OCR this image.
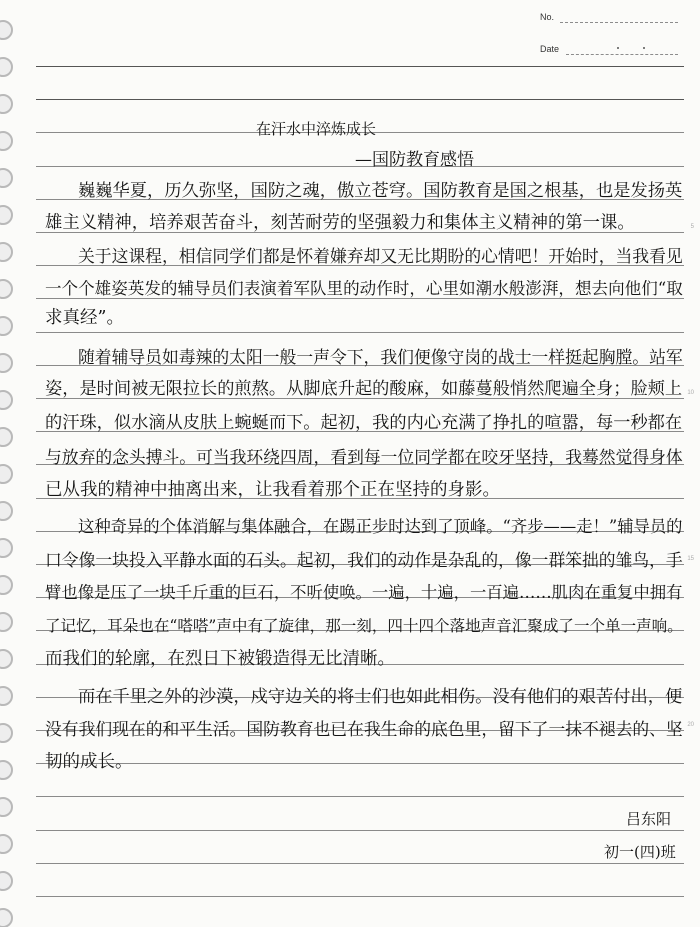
No.
Date
5
10
15
20
在汗水中淬炼成长
—国防教育感悟
巍巍华夏，历久弥坚，国防之魂，傲立苍穹。国防教育是国之根基，也是发扬英
雄主义精神，培养艰苦奋斗，刻苦耐劳的坚强毅力和集体主义精神的第一课。
关于这课程，相信同学们都是怀着嫌弃却又无比期盼的心情吧！开始时，当我看见
一个个雄姿英发的辅导员们表演着军队里的动作时，心里如潮水般澎湃，想去向他们“取
求真经”。
随着辅导员如毒辣的太阳一般一声令下，我们便像守岗的战士一样挺起胸膛。站军
姿，是时间被无限拉长的煎熬。从脚底升起的酸麻，如藤蔓般悄然爬遍全身；脸颊上
的汗珠，似水滴从皮肤上蜿蜒而下。起初，我的内心充满了挣扎的喧嚣，每一秒都在
与放弃的念头搏斗。可当我环绕四周，看到每一位同学都在咬牙坚持，我蓦然觉得身体
已从我的精神中抽离出来，让我看着那个正在坚持的身影。
这种奇异的个体消解与集体融合，在踢正步时达到了顶峰。“齐步——走！”辅导员的
口令像一块投入平静水面的石头。起初，我们的动作是杂乱的，像一群笨拙的雏鸟，手
臂也像是压了一块千斤重的巨石，不听使唤。一遍，十遍，一百遍……肌肉在重复中拥有
了记忆，耳朵也在“嗒嗒”声中有了旋律，那一刻，四十四个落地声音汇聚成了一个单一声响。
而我们的轮廓，在烈日下被锻造得无比清晰。
而在千里之外的沙漠，戍守边关的将士们也如此相伤。没有他们的艰苦付出，便
没有我们现在的和平生活。国防教育也已在我生命的底色里，留下了一抹不褪去的、坚
韧的成长。
吕东阳
初一(四)班
